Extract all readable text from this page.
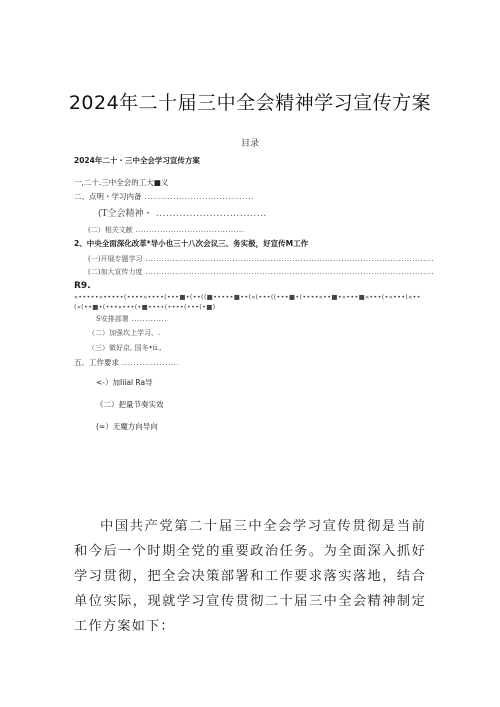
2024年二十届三中全会精神学习宣传方案
目录
2024年二十・三中全会学习宣传方案
一,二十.三中全会的工大■义
二、点明・学习内备 .....
(T仝会精神・ .....
(二）相关文献 .....
2、中央全面深化改革*导小也三十八次会议三、务实极，好宣传M工作
(一)开展专题学习 .....
(二)加大宣传力度 .....
R9.
«•••••«•••••(••••«••••(•••■•(••((■•••••■••(«(•••((•••■•(••••«••■•«•••■«•••(•«•••(«••(«(••■•(•••«•••(•■••••(••••(•••(•■)
S安排部署 .....
（二）加强坎上学习、.
（三）做好京, 国冬•ii.,
五、工作要求 .....
<-）加Iiial Ra导
《二）把量节奏实效
(≈）无魔方向导向
中国共产党第二十届三中全会学习宣传贯彻是当前和今后一个时期全党的重要政治任务。为全面深入抓好学习贯彻，把全会决策部署和工作要求落实落地，结合单位实际，现就学习宣传贯彻二十届三中全会精神制定工作方案如下：
